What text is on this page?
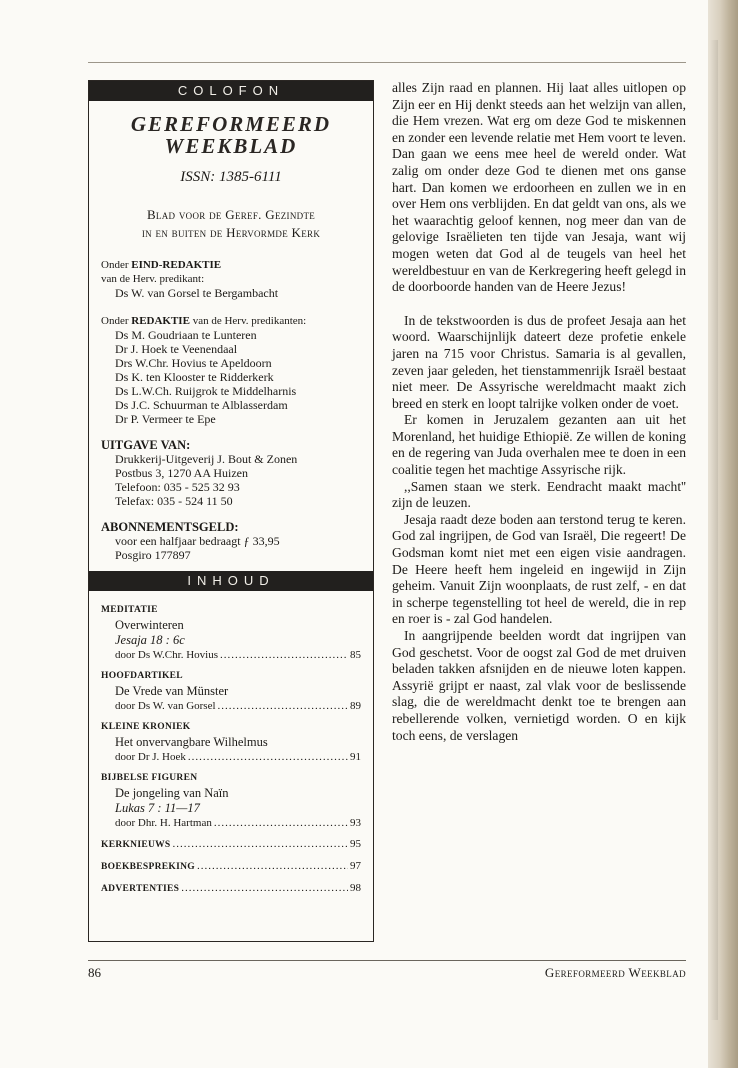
COLOFON
GEREFORMEERD
WEEKBLAD
ISSN: 1385-6111
Blad voor de Geref. Gezindte
in en buiten de Hervormde Kerk
Onder EIND-REDAKTIE
van de Herv. predikant:
Ds W. van Gorsel te Bergambacht
Onder REDAKTIE van de Herv. predikanten:
Ds M. Goudriaan te Lunteren
Dr J. Hoek te Veenendaal
Drs W.Chr. Hovius te Apeldoorn
Ds K. ten Klooster te Ridderkerk
Ds L.W.Ch. Ruijgrok te Middelharnis
Ds J.C. Schuurman te Alblasserdam
Dr P. Vermeer te Epe
UITGAVE VAN:
Drukkerij-Uitgeverij J. Bout & Zonen
Postbus 3, 1270 AA Huizen
Telefoon: 035 - 525 32 93
Telefax: 035 - 524 11 50
ABONNEMENTSGELD:
voor een halfjaar bedraagt ƒ 33,95
Posgiro 177897
INHOUD
MEDITATIE
Overwinteren
Jesaja 18 : 6c
door Ds W.Chr. Hovius .....	85
HOOFDARTIKEL
De Vrede van Münster
door Ds W. van Gorsel .....	89
KLEINE KRONIEK
Het onvervangbare Wilhelmus
door Dr J. Hoek .....	91
BIJBELSE FIGUREN
De jongeling van Naïn
Lukas 7 : 11—17
door Dhr. H. Hartman .....	93
KERKNIEUWS .....	95
BOEKBESPREKING .....	97
ADVERTENTIES .....	98

alles Zijn raad en plannen. Hij laat alles uitlopen op Zijn eer en Hij denkt steeds aan het welzijn van allen, die Hem vrezen. Wat erg om deze God te miskennen en zonder een levende relatie met Hem voort te leven. Dan gaan we eens mee heel de wereld onder. Wat zalig om onder deze God te dienen met ons ganse hart. Dan komen we erdoorheen en zullen we in en over Hem ons verblijden. En dat geldt van ons, als we het waarachtig geloof kennen, nog meer dan van de gelovige Israëlieten ten tijde van Jesaja, want wij mogen weten dat God al de teugels van heel het wereldbestuur en van de Kerkregering heeft gelegd in de doorboorde handen van de Heere Jezus!

In de tekstwoorden is dus de profeet Jesaja aan het woord. Waarschijnlijk dateert deze profetie enkele jaren na 715 voor Christus. Samaria is al gevallen, zeven jaar geleden, het tienstammenrijk Israël bestaat niet meer. De Assyrische wereldmacht maakt zich breed en sterk en loopt talrijke volken onder de voet.

Er komen in Jeruzalem gezanten aan uit het Morenland, het huidige Ethiopië. Ze willen de koning en de regering van Juda overhalen mee te doen in een coalitie tegen het machtige Assyrische rijk.

,,Samen staan we sterk. Eendracht maakt macht'' zijn de leuzen.

Jesaja raadt deze boden aan terstond terug te keren. God zal ingrijpen, de God van Israël, Die regeert! De Godsman komt niet met een eigen visie aandragen. De Heere heeft hem ingeleid en ingewijd in Zijn geheim. Vanuit Zijn woonplaats, de rust zelf, - en dat in scherpe tegenstelling tot heel de wereld, die in rep en roer is - zal God handelen.

In aangrijpende beelden wordt dat ingrijpen van God geschetst. Voor de oogst zal God de met druiven beladen takken afsnijden en de nieuwe loten kappen. Assyrië grijpt er naast, zal vlak voor de beslissende slag, die de wereldmacht denkt toe te brengen aan rebellerende volken, vernietigd worden. O en kijk toch eens, de verslagen

86	Gereformeerd Weekblad
